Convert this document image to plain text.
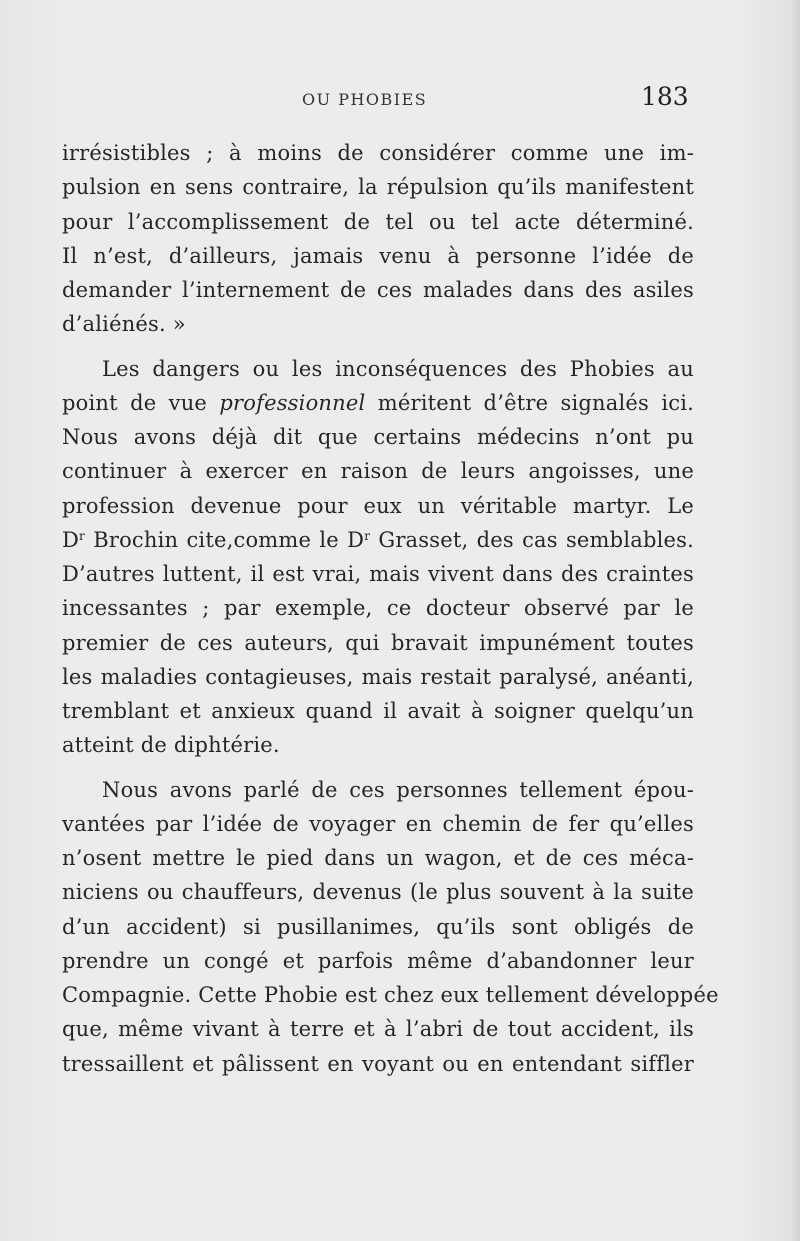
OU PHOBIES	183
irrésistibles ; à moins de considérer comme une im-
pulsion en sens contraire, la répulsion qu’ils manifestent
pour l’accomplissement de tel ou tel acte déterminé.
Il n’est, d’ailleurs, jamais venu à personne l’idée de
demander l’internement de ces malades dans des asiles
d’aliénés. »
Les dangers ou les inconséquences des Phobies au
point de vue professionnel méritent d’être signalés ici.
Nous avons déjà dit que certains médecins n’ont pu
continuer à exercer en raison de leurs angoisses, une
profession devenue pour eux un véritable martyr. Le
$D^r$ Brochin cite,comme le $D^r$ Grasset, des cas semblables.
D’autres luttent, il est vrai, mais vivent dans des craintes
incessantes ; par exemple, ce docteur observé par le
premier de ces auteurs, qui bravait impunément toutes
les maladies contagieuses, mais restait paralysé, anéanti,
tremblant et anxieux quand il avait à soigner quelqu’un
atteint de diphtérie.
Nous avons parlé de ces personnes tellement épou-
vantées par l’idée de voyager en chemin de fer qu’elles
n’osent mettre le pied dans un wagon, et de ces méca-
niciens ou chauffeurs, devenus (le plus souvent à la suite
d’un accident) si pusillanimes, qu’ils sont obligés de
prendre un congé et parfois même d’abandonner leur
Compagnie. Cette Phobie est chez eux tellement développée
que, même vivant à terre et à l’abri de tout accident, ils
tressaillent et pâlissent en voyant ou en entendant siffler
